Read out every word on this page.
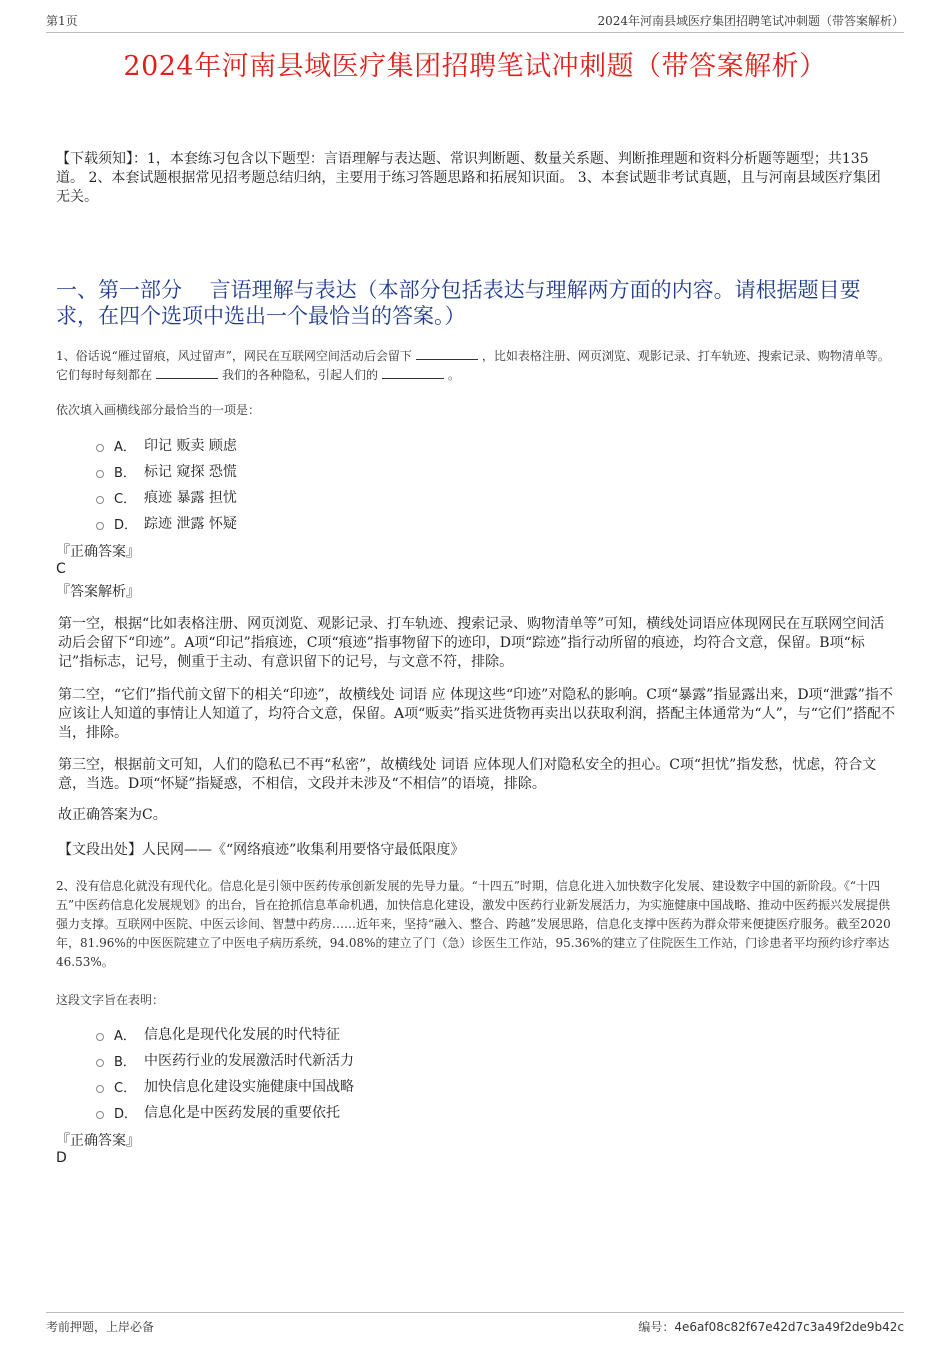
第1页	2024年河南县域医疗集团招聘笔试冲刺题（带答案解析）
2024年河南县域医疗集团招聘笔试冲刺题（带答案解析）
【下载须知】：1，本套练习包含以下题型：言语理解与表达题、常识判断题、数量关系题、判断推理题和资料分析题等题型；共135道。 2、本套试题根据常见招考题总结归纳，主要用于练习答题思路和拓展知识面。 3、本套试题非考试真题，且与河南县域医疗集团无关。
一、第一部分　 言语理解与表达（本部分包括表达与理解两方面的内容。请根据题目要求，在四个选项中选出一个最恰当的答案。）
1、俗话说“雁过留痕，风过留声”，网民在互联网空间活动后会留下	，比如表格注册、网页浏览、观影记录、打车轨迹、搜索记录、购物清单等。它们每时每刻都在	我们的各种隐私，引起人们的	。
依次填入画横线部分最恰当的一项是：
A． 印记 贩卖 顾虑
B． 标记 窥探 恐慌
C． 痕迹 暴露 担忧
D． 踪迹 泄露 怀疑
『正确答案』
C
『答案解析』
第一空，根据“比如表格注册、网页浏览、观影记录、打车轨迹、搜索记录、购物清单等”可知，横线处词语应体现网民在互联网空间活动后会留下“印迹”。A项“印记”指痕迹，C项“痕迹”指事物留下的迹印，D项“踪迹”指行动所留的痕迹，均符合文意，保留。B项“标记”指标志，记号，侧重于主动、有意识留下的记号，与文意不符，排除。
第二空，“它们”指代前文留下的相关“印迹”，故横线处 词语 应 体现这些“印迹”对隐私的影响。C项“暴露”指显露出来，D项“泄露”指不应该让人知道的事情让人知道了，均符合文意，保留。A项“贩卖”指买进货物再卖出以获取利润，搭配主体通常为“人”，与“它们”搭配不当，排除。
第三空，根据前文可知，人们的隐私已不再“私密”，故横线处 词语 应体现人们对隐私安全的担心。C项“担忧”指发愁，忧虑，符合文意，当选。D项“怀疑”指疑惑，不相信，文段并未涉及“不相信”的语境，排除。
故正确答案为C。
【文段出处】人民网——《“网络痕迹”收集利用要恪守最低限度》
2、没有信息化就没有现代化。信息化是引领中医药传承创新发展的先导力量。“十四五”时期，信息化进入加快数字化发展、建设数字中国的新阶段。《“十四五”中医药信息化发展规划》的出台，旨在抢抓信息革命机遇，加快信息化建设，激发中医药行业新发展活力，为实施健康中国战略、推动中医药振兴发展提供强力支撑。互联网中医院、中医云诊间、智慧中药房……近年来，坚持“融入、整合、跨越”发展思路，信息化支撑中医药为群众带来便捷医疗服务。截至2020年，81.96%的中医医院建立了中医电子病历系统，94.08%的建立了门（急）诊医生工作站，95.36%的建立了住院医生工作站，门诊患者平均预约诊疗率达46.53%。
这段文字旨在表明：
A． 信息化是现代化发展的时代特征
B． 中医药行业的发展激活时代新活力
C． 加快信息化建设实施健康中国战略
D． 信息化是中医药发展的重要依托
『正确答案』
D
考前押题，上岸必备	编号：4e6af08c82f67e42d7c3a49f2de9b42c
